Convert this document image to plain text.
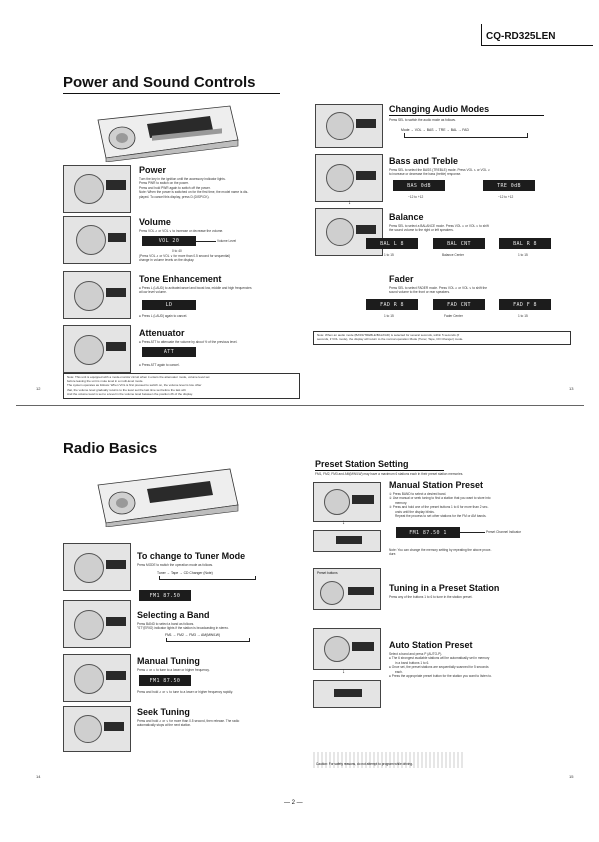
CQ-RD325LEN
Power and Sound Controls
Power
Turn the key in the ignition until the accessory indicator lights.
Press PWR to switch on the power.
Press and hold PWR again to switch off the power.
Note: When the power is switched on for the first time, the model name is dis-
played. To cancel this display, press D (DISP/CK).
Volume
Press VOL ∧ or VOL ∨ to increase or decrease the volume.
VOL 20	Volume Level
0 to 40
(Press VOL ∧ or VOL ∨ for more than 0.5 second for sequential)
change in volume levels on the display.
Tone Enhancement
● Press L (LAUD) to activate/cancel and boost low, middle and high frequencies
at low level volume.
LD
● Press L (LAUD) again to cancel.
Attenuator
● Press ATT to attenuate the volume by about ½ of the previous level.
ATT
● Press ATT again to cancel.
Note: This unit is equipped with a mode-monitor circuit when it enters the attenuator mode, volume level set
before leaving the unit is mute level in a multi-level mode.
The system operates as follows: When VOL is first pressed to switch on, the volume level is low. After
that, the volume level gradually returns to the level set the last time set before the last will.
And the volume level is set to a level in the volume level between the position 26 of the display.
12	13
Changing Audio Modes
Press SEL to switch the audio mode as follows.
Mode → VOL → BAS → TRE → BAL → FAD
Bass and Treble
Press SEL to select the BASS (TREBLE) mode. Press VOL ∧ or VOL ∨
to increase or decrease the bass (treble) response.
BAS 0dB	TRE 0dB
−12 to +12	−12 to +12
↓
Balance
Press SEL to select a BALANCE mode. Press VOL ∧ or VOL ∨ to shift
the sound volume to the right or left speakers.
BAL L 8	BAL CNT	BAL R 8
1 to 15	Balance Center	1 to 15
Fader
Press SEL to select FADER mode. Press VOL ∧ or VOL ∨ to shift the
sound volume to the front or rear speakers.
FAD R 8	FAD CNT	FAD F 8
1 to 15	Fader Center	1 to 15
Note: When an audio mode (BASS/TREBLE/BAL/FAD) is selected for several seconds, within 5 seconds (if
seconds, if VOL mode), the display will return to the normal operation Mode (Tuner, Tape, CD Changer) mode.
Radio Basics
To change to Tuner Mode
Press MODE to switch the operation mode as follows.
Tuner → Tape → CD Changer (Note)
FM1 87.50
Selecting a Band
Press BAND to select a band as follows.
"ST"(ERIO) indicator lights if the station is broadcasting in stereo.
FM1 → FM2 → FM3 → AM(MW/LW)
Manual Tuning
Press ∧ or ∨ to tune to a lower or higher frequency.
FM1 87.50
Press and hold ∧ or ∨ to tune to a lower or higher frequency rapidly.
Seek Tuning
Press and hold ∧ or ∨ for more than 0.5 second, then release. The radio
automatically stops at the next station.
Preset Station Setting
FM1, FM2, FM3 and AM(MW/LW) may have a maximum 6 stations each in their preset station memories.
↓
Manual Station Preset
① Press BAND to select a desired band.
② Use manual or seek tuning to find a station that you want to store into
memory.
③ Press and hold one of the preset buttons 1 to 6 for more than 2 sec-
onds until the display blinks.
Repeat the process to set other stations for the FM or AM bands.
FM1 87.50 1	Preset Channel Indicator
Note: You can change the memory setting by repeating the above proce-
dure.
Preset buttons
Tuning in a Preset Station
Press any of the buttons 1 to 6 to tune in the station preset.
↓
Auto Station Preset
Select a band and press P (AUTO-P).
● The 6 strongest available stations will be automatically set in memory
in a band buttons 1 to 6.
● Once set, the preset stations are sequentially scanned for 5 seconds
each.
● Press the appropriate preset button for the station you want to listen to.
Caution: For safety reasons, do not attempt to program while driving.
14	15
— 2 —
